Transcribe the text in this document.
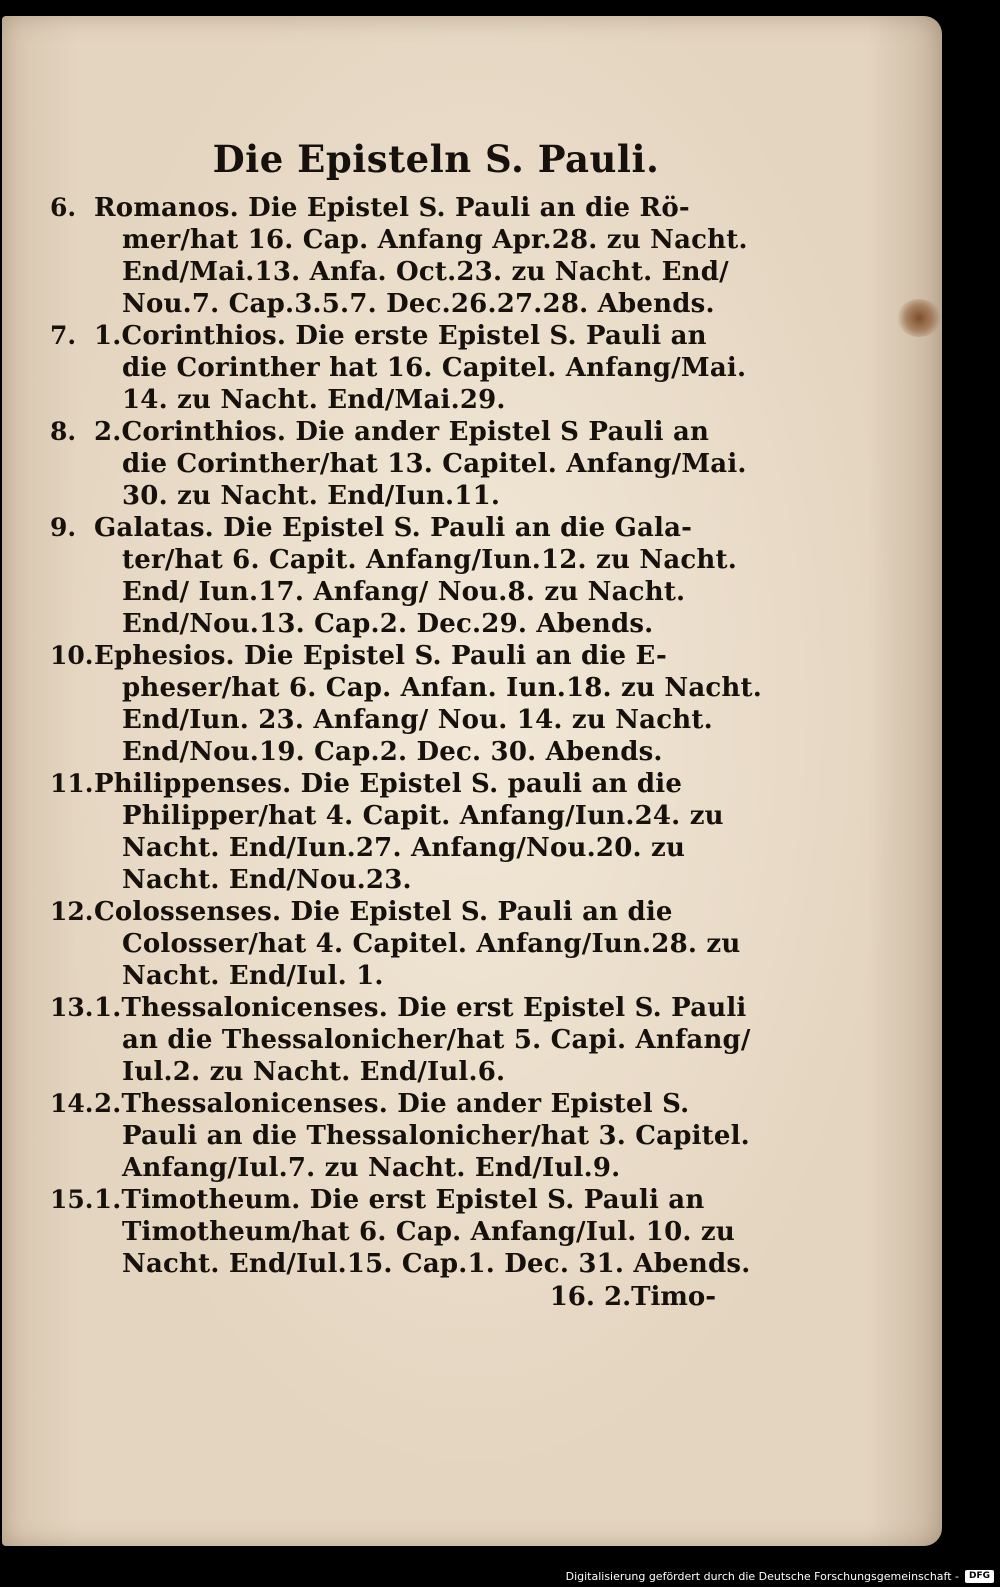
Die Episteln S. Pauli.
6. Romanos. Die Epistel S. Pauli an die Rö-
mer/hat 16. Cap. Anfang Apr.28. zu Nacht.
End/Mai.13. Anfa. Oct.23. zu Nacht. End/
Nou.7. Cap.3.5.7. Dec.26.27.28. Abends.
7. 1.Corinthios. Die erste Epistel S. Pauli an
die Corinther hat 16. Capitel. Anfang/Mai.
14. zu Nacht. End/Mai.29.
8. 2.Corinthios. Die ander Epistel S Pauli an
die Corinther/hat 13. Capitel. Anfang/Mai.
30. zu Nacht. End/Iun.11.
9. Galatas. Die Epistel S. Pauli an die Gala-
ter/hat 6. Capit. Anfang/Iun.12. zu Nacht.
End/ Iun.17. Anfang/ Nou.8. zu Nacht.
End/Nou.13. Cap.2. Dec.29. Abends.
10. Ephesios. Die Epistel S. Pauli an die E-
pheser/hat 6. Cap. Anfan. Iun.18. zu Nacht.
End/Iun. 23. Anfang/ Nou. 14. zu Nacht.
End/Nou.19. Cap.2. Dec. 30. Abends.
11. Philippenses. Die Epistel S. pauli an die
Philipper/hat 4. Capit. Anfang/Iun.24. zu
Nacht. End/Iun.27. Anfang/Nou.20. zu
Nacht. End/Nou.23.
12. Colossenses. Die Epistel S. Pauli an die
Colosser/hat 4. Capitel. Anfang/Iun.28. zu
Nacht. End/Iul. 1.
13. 1.Thessalonicenses. Die erst Epistel S. Pauli
an die Thessalonicher/hat 5. Capi. Anfang/
Iul.2. zu Nacht. End/Iul.6.
14. 2.Thessalonicenses. Die ander Epistel S.
Pauli an die Thessalonicher/hat 3. Capitel.
Anfang/Iul.7. zu Nacht. End/Iul.9.
15. 1.Timotheum. Die erst Epistel S. Pauli an
Timotheum/hat 6. Cap. Anfang/Iul. 10. zu
Nacht. End/Iul.15. Cap.1. Dec. 31. Abends.
16. 2.Timo-
Digitalisierung gefördert durch die Deutsche Forschungsgemeinschaft -	DFG
